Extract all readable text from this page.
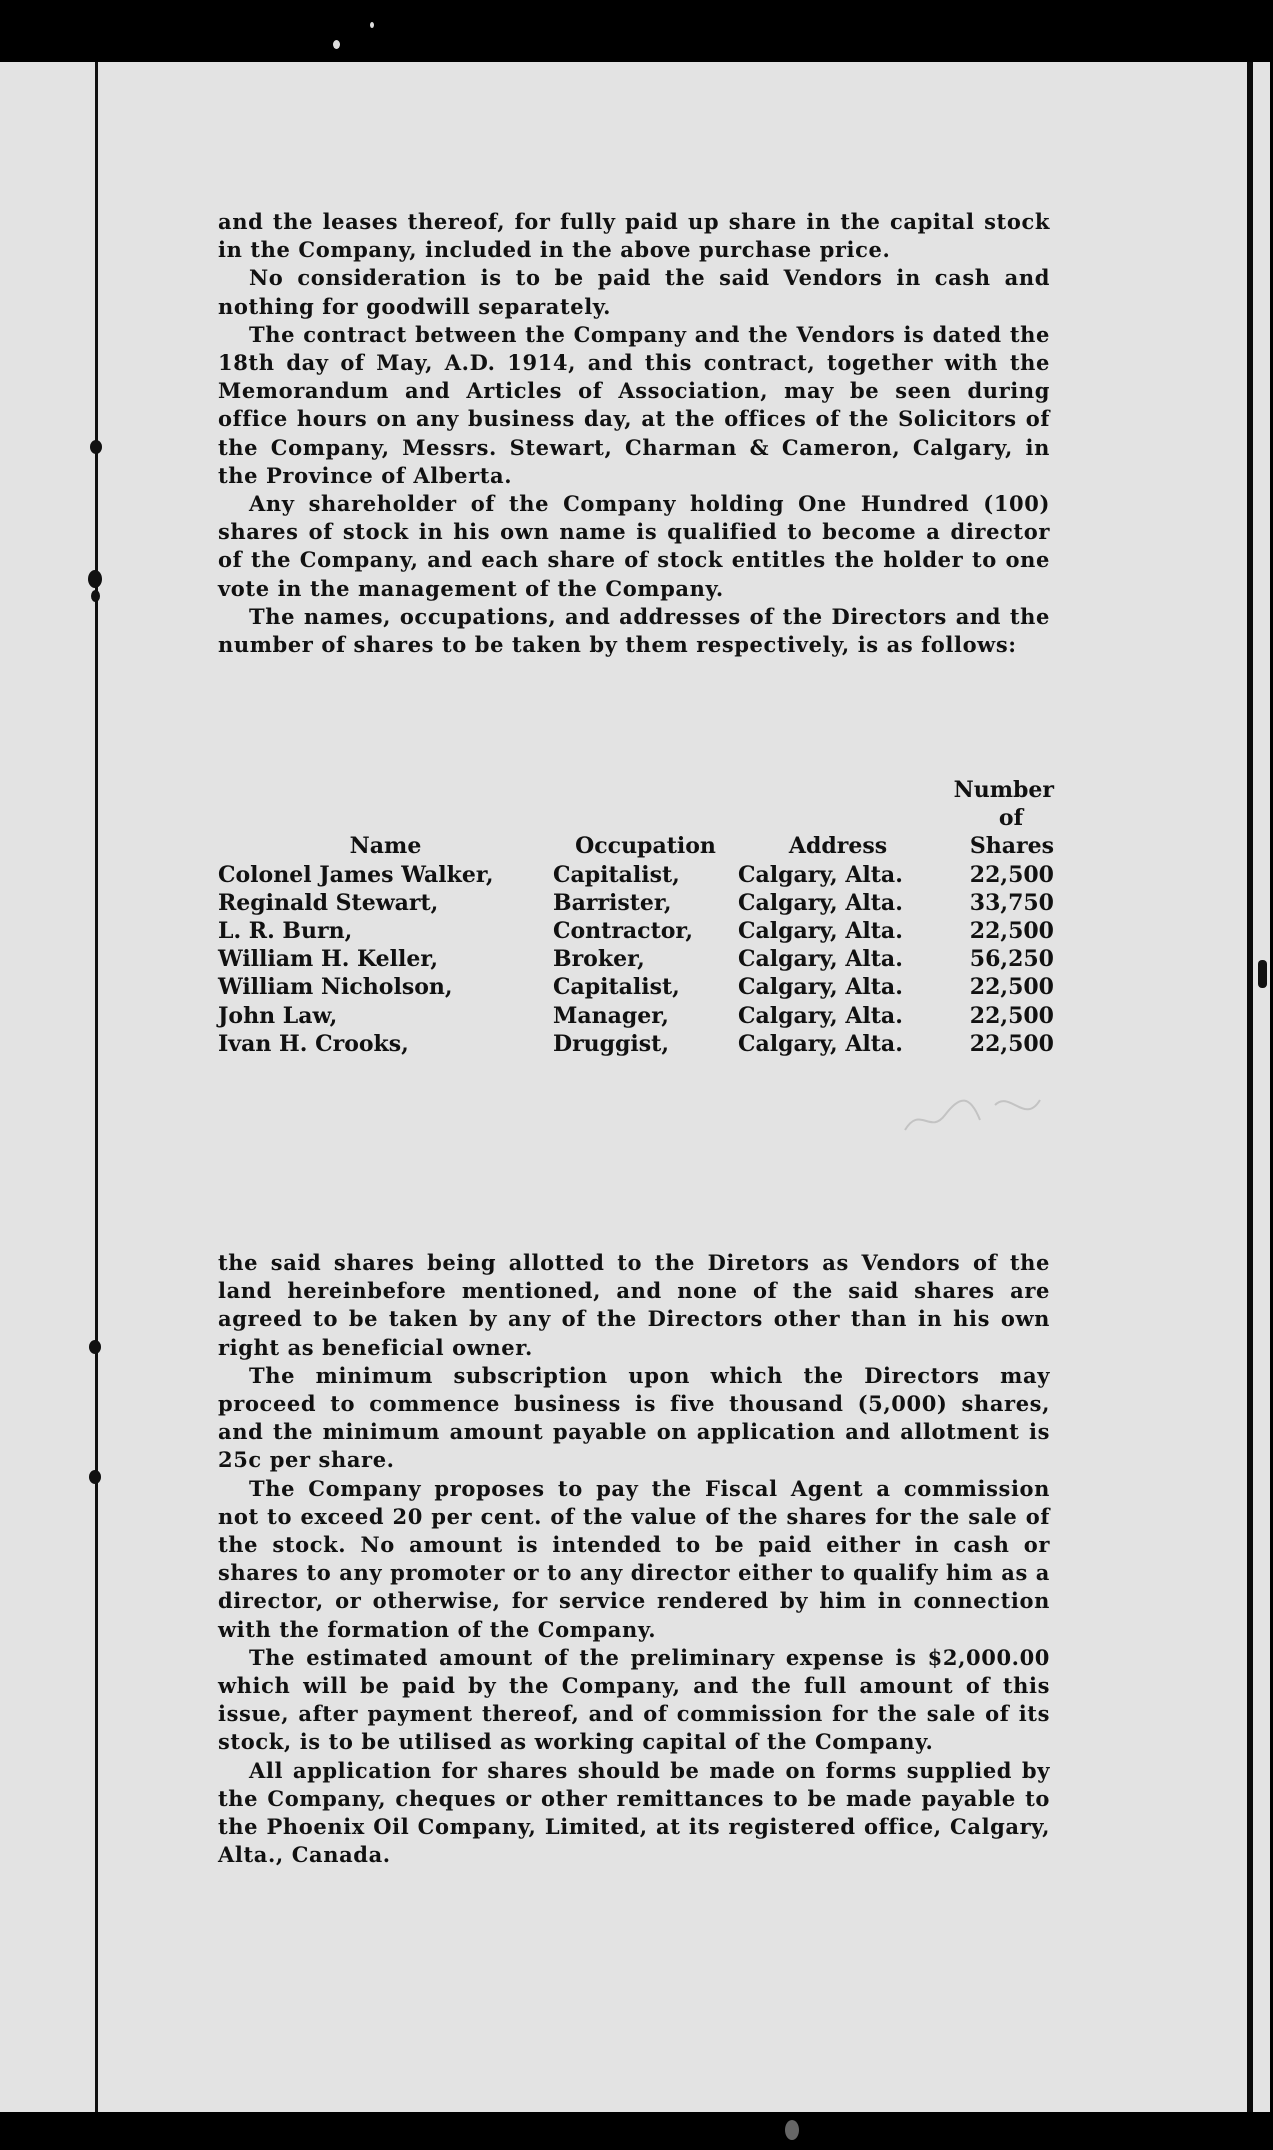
and the leases thereof, for fully paid up share in the capital stock in the Company, included in the above purchase price.

No consideration is to be paid the said Vendors in cash and nothing for goodwill separately.

The contract between the Company and the Vendors is dated the 18th day of May, A.D. 1914, and this contract, together with the Memorandum and Articles of Association, may be seen during office hours on any business day, at the offices of the Solicitors of the Company, Messrs. Stewart, Charman & Cameron, Calgary, in the Province of Alberta.

Any shareholder of the Company holding One Hundred (100) shares of stock in his own name is qualified to become a director of the Company, and each share of stock entitles the holder to one vote in the management of the Company.

The names, occupations, and addresses of the Directors and the number of shares to be taken by them respectively, is as follows:

Name	Occupation	Address	Number
of
Shares

Colonel James Walker,	Capitalist,	Calgary, Alta.	22,500
Reginald Stewart,	Barrister,	Calgary, Alta.	33,750
L. R. Burn,	Contractor,	Calgary, Alta.	22,500
William H. Keller,	Broker,	Calgary, Alta.	56,250
William Nicholson,	Capitalist,	Calgary, Alta.	22,500
John Law,	Manager,	Calgary, Alta.	22,500
Ivan H. Crooks,	Druggist,	Calgary, Alta.	22,500

the said shares being allotted to the Diretors as Vendors of the land hereinbefore mentioned, and none of the said shares are agreed to be taken by any of the Directors other than in his own right as beneficial owner.

The minimum subscription upon which the Directors may proceed to commence business is five thousand (5,000) shares, and the minimum amount payable on application and allotment is 25c per share.

The Company proposes to pay the Fiscal Agent a commission not to exceed 20 per cent. of the value of the shares for the sale of the stock. No amount is intended to be paid either in cash or shares to any promoter or to any director either to qualify him as a director, or otherwise, for service rendered by him in connection with the formation of the Company.

The estimated amount of the preliminary expense is $2,000.00 which will be paid by the Company, and the full amount of this issue, after payment thereof, and of commission for the sale of its stock, is to be utilised as working capital of the Company.

All application for shares should be made on forms supplied by the Company, cheques or other remittances to be made payable to the Phoenix Oil Company, Limited, at its registered office, Calgary, Alta., Canada.
